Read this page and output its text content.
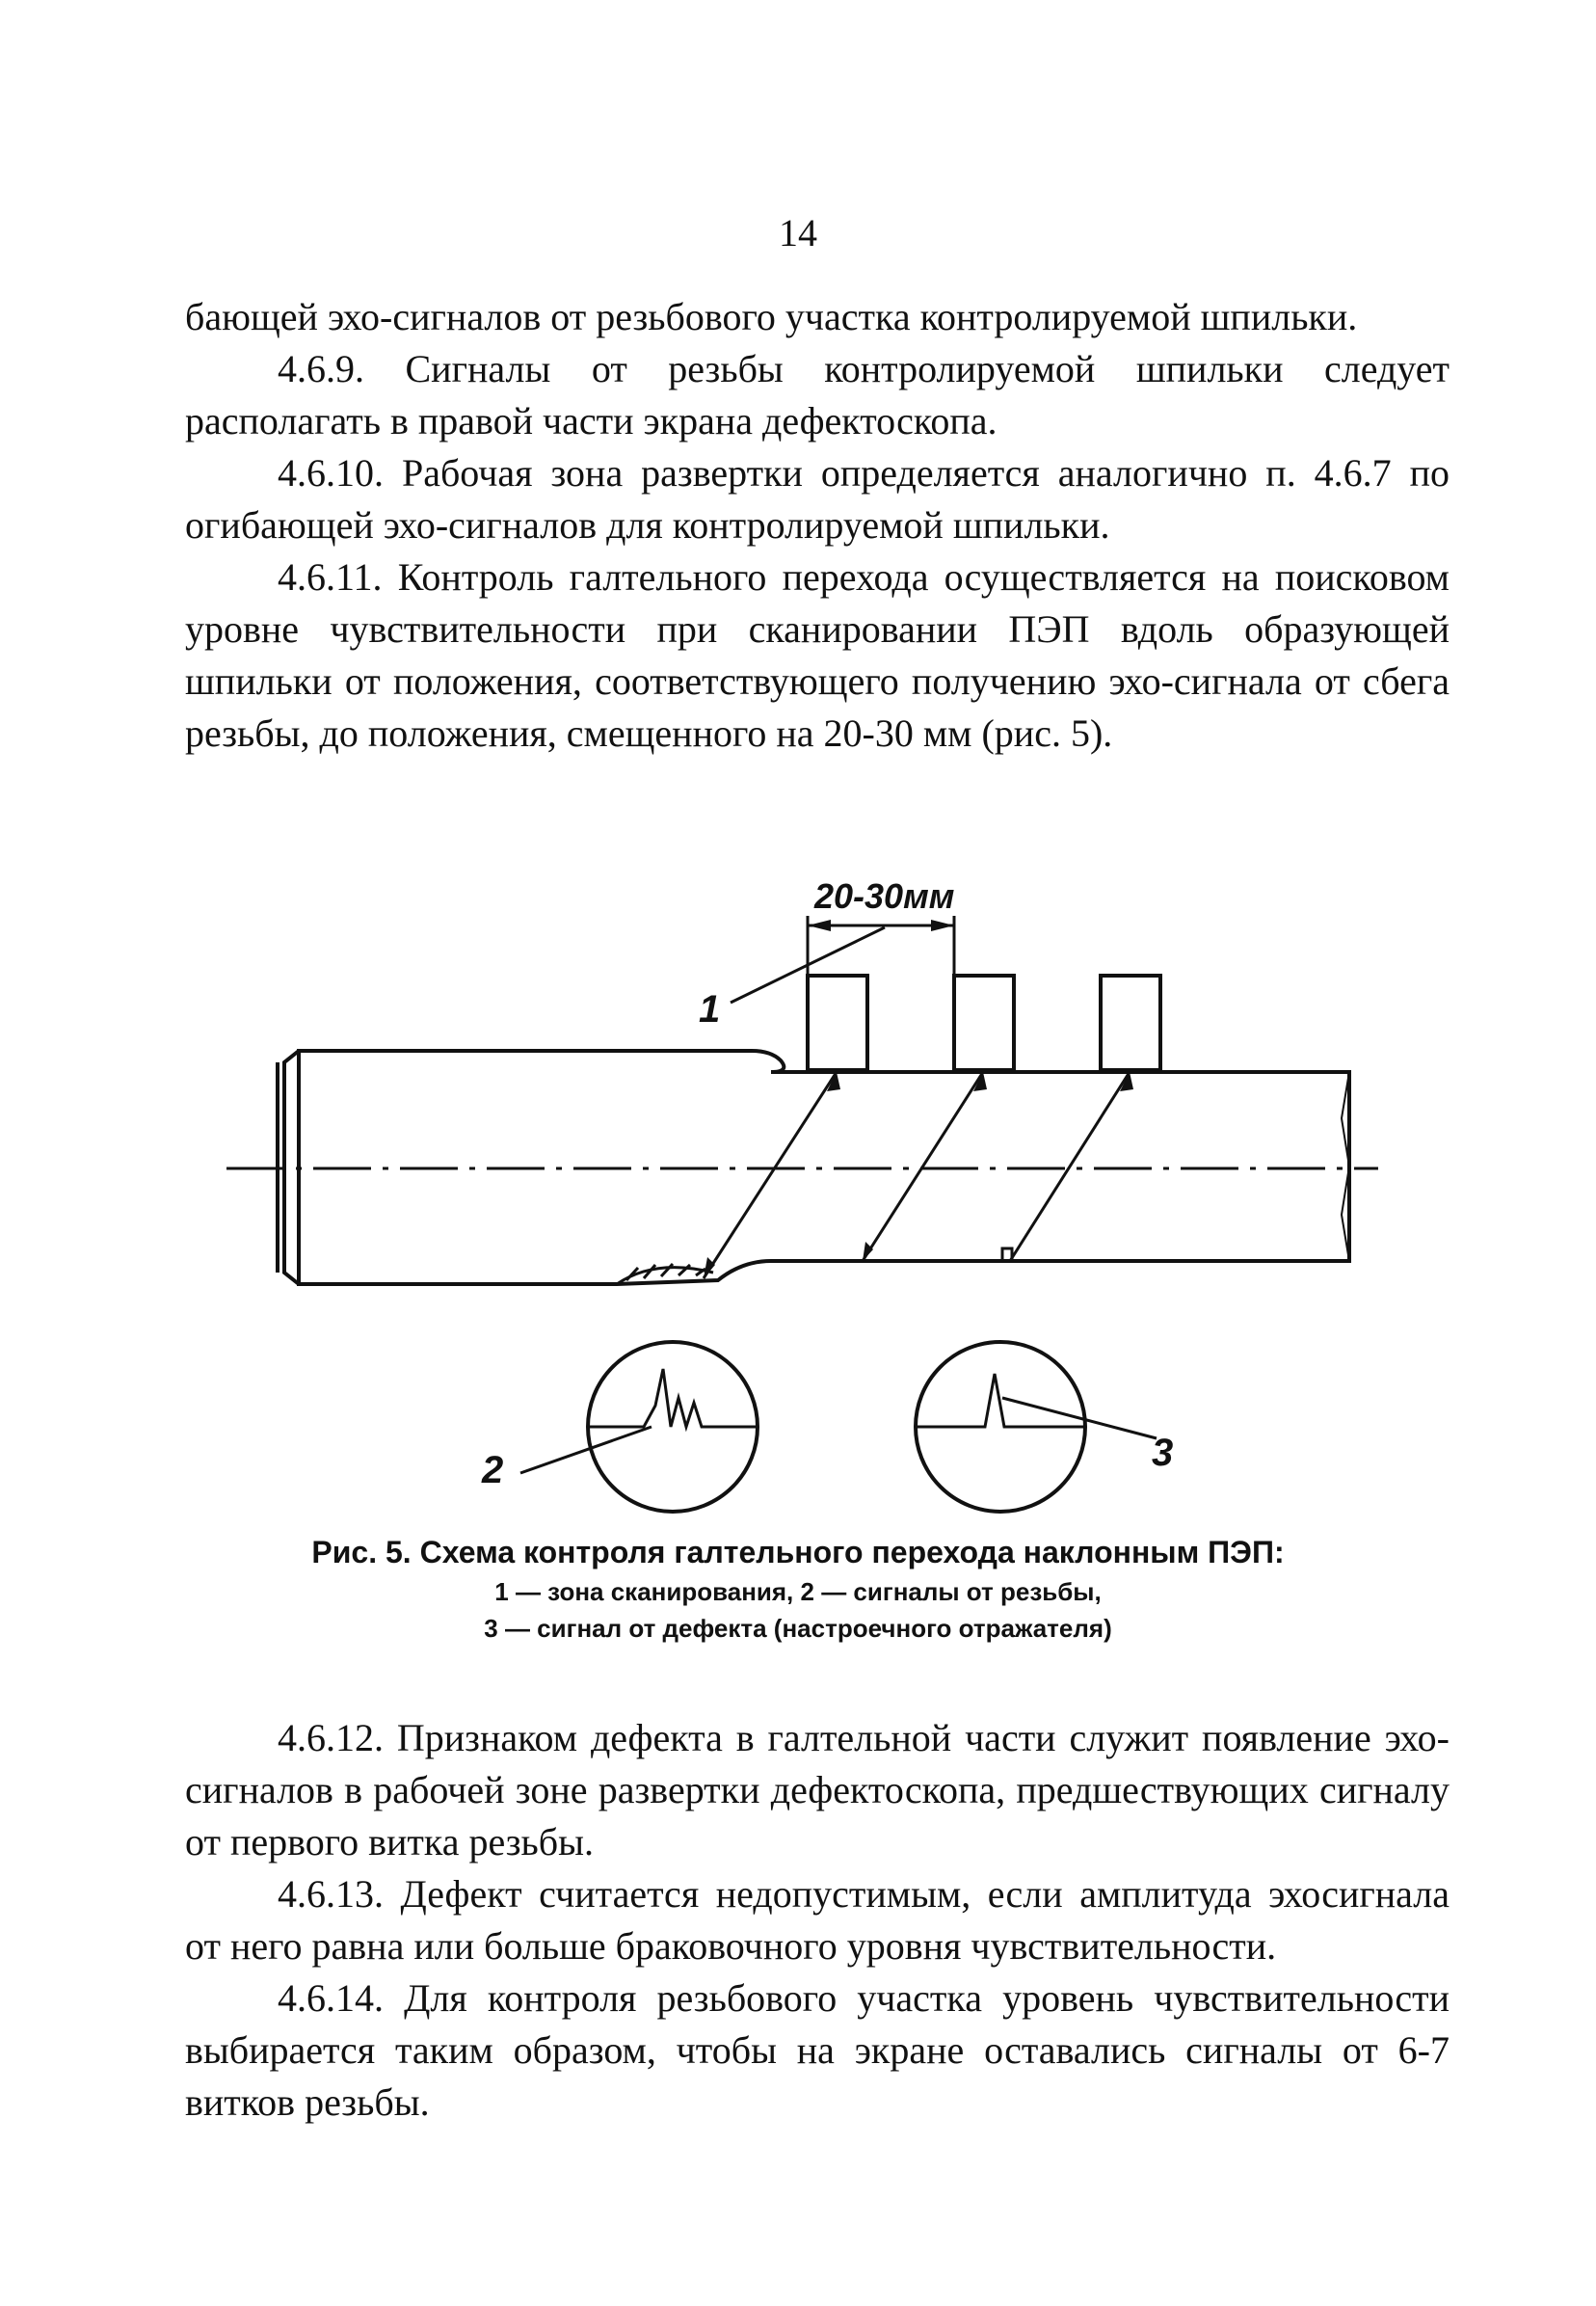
14

бающей эхо-сигналов от резьбового участка контролируемой шпильки.

4.6.9. Сигналы от резьбы контролируемой шпильки следует располагать в правой части экрана дефектоскопа.

4.6.10. Рабочая зона развертки определяется аналогично п. 4.6.7 по огибающей эхо-сигналов для контролируемой шпильки.

4.6.11. Контроль галтельного перехода осуществляется на поисковом уровне чувствительности при сканировании ПЭП вдоль образующей шпильки от положения, соответствующего получению эхо-сигнала от сбега резьбы, до положения, смещенного на 20-30 мм (рис. 5).

20-30мм
1
2	3
Рис. 5. Схема контроля галтельного перехода наклонным ПЭП:
1 — зона сканирования, 2 — сигналы от резьбы,
3 — сигнал от дефекта (настроечного отражателя)

4.6.12. Признаком дефекта в галтельной части служит появление эхо-сигналов в рабочей зоне развертки дефектоскопа, предшествующих сигналу от первого витка резьбы.

4.6.13. Дефект считается недопустимым, если амплитуда эхосигнала от него равна или больше браковочного уровня чувствительности.

4.6.14. Для контроля резьбового участка уровень чувствительности выбирается таким образом, чтобы на экране оставались сигналы от 6-7 витков резьбы.
